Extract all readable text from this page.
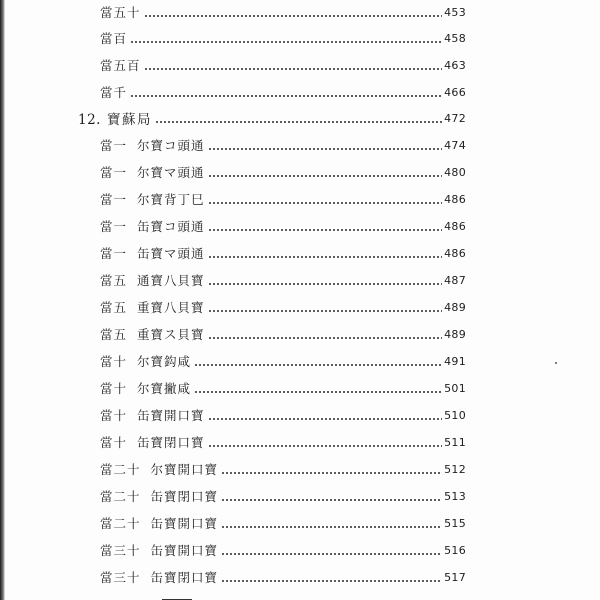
當五十	453
當百	458
當五百	463
當千	466
12. 寶蘇局	472
當一 尔寶コ頭通	474
當一 尔寶マ頭通	480
當一 尔寶背丁巳	486
當一 缶寶コ頭通	486
當一 缶寶マ頭通	486
當五 通寶八貝寶	487
當五 重寶八貝寶	489
當五 重寶ス貝寶	489
當十 尔寶鈎咸	491
當十 尔寶撇咸	501
當十 缶寶開口寶	510
當十 缶寶閉口寶	511
當二十 尔寶開口寶	512
當二十 缶寶閉口寶	513
當二十 缶寶開口寶	515
當三十 缶寶開口寶	516
當三十 缶寶閉口寶	517
